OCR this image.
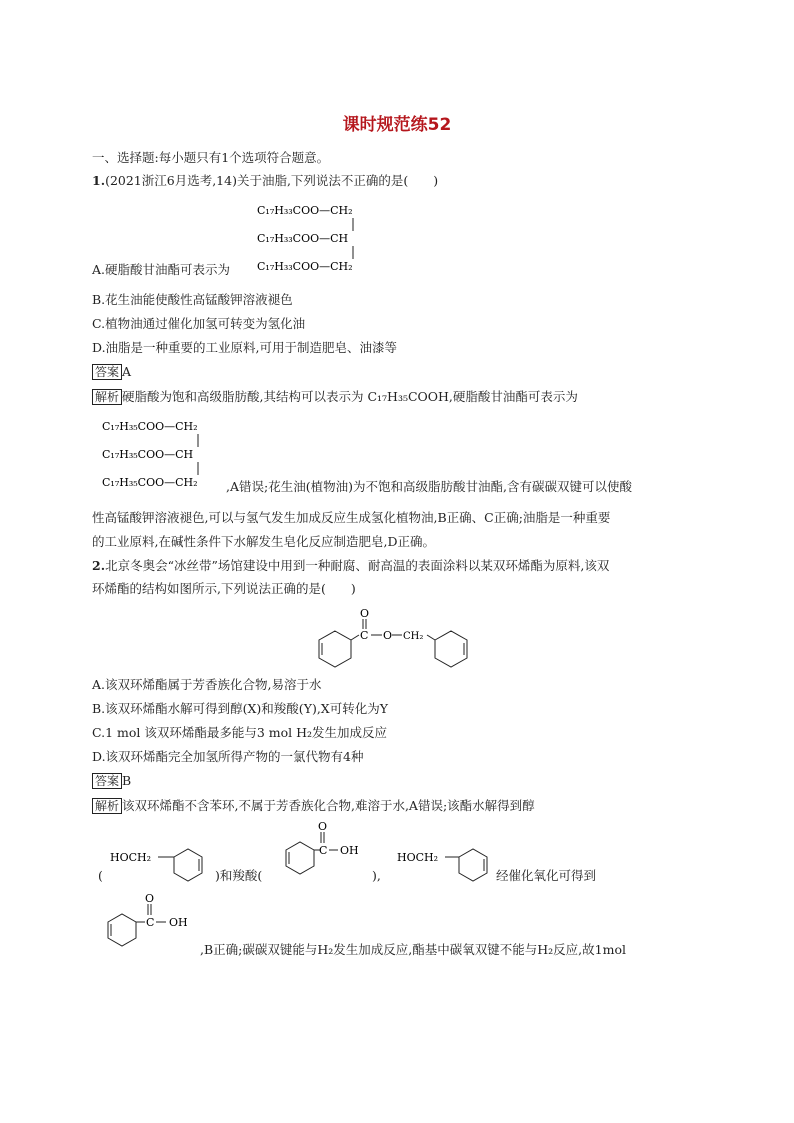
课时规范练52
一、选择题:每小题只有1个选项符合题意。
1.(2021浙江6月选考,14)关于油脂,下列说法不正确的是(　　)
C₁₇H₃₃COO—CH₂
C₁₇H₃₃COO—CH
C₁₇H₃₃COO—CH₂
A.硬脂酸甘油酯可表示为
B.花生油能使酸性高锰酸钾溶液褪色
C.植物油通过催化加氢可转变为氢化油
D.油脂是一种重要的工业原料,可用于制造肥皂、油漆等
答案 A
解析 硬脂酸为饱和高级脂肪酸,其结构可以表示为 C₁₇H₃₅COOH,硬脂酸甘油酯可表示为
C₁₇H₃₅COO—CH₂
C₁₇H₃₅COO—CH
C₁₇H₃₅COO—CH₂ ,A错误;花生油(植物油)为不饱和高级脂肪酸甘油酯,含有碳碳双键可以使酸
性高锰酸钾溶液褪色,可以与氢气发生加成反应生成氢化植物油,B正确、C正确;油脂是一种重要
的工业原料,在碱性条件下水解发生皂化反应制造肥皂,D正确。
2.北京冬奥会“冰丝带”场馆建设中用到一种耐腐、耐高温的表面涂料以某双环烯酯为原料,该双
环烯酯的结构如图所示,下列说法正确的是(　　)
O
C O CH₂
A.该双环烯酯属于芳香族化合物,易溶于水
B.该双环烯酯水解可得到醇(X)和羧酸(Y),X可转化为Y
C.1 mol 该双环烯酯最多能与3 mol H₂发生加成反应
D.该双环烯酯完全加氢所得产物的一氯代物有4种
答案 B
解析 该双环烯酯不含苯环,不属于芳香族化合物,难溶于水,A错误;该酯水解得到醇
(
HOCH₂
)和羧酸(
O
C OH
),
HOCH₂
经催化氧化可得到
O
C OH
,B正确;碳碳双键能与H₂发生加成反应,酯基中碳氧双键不能与H₂反应,故1mol
